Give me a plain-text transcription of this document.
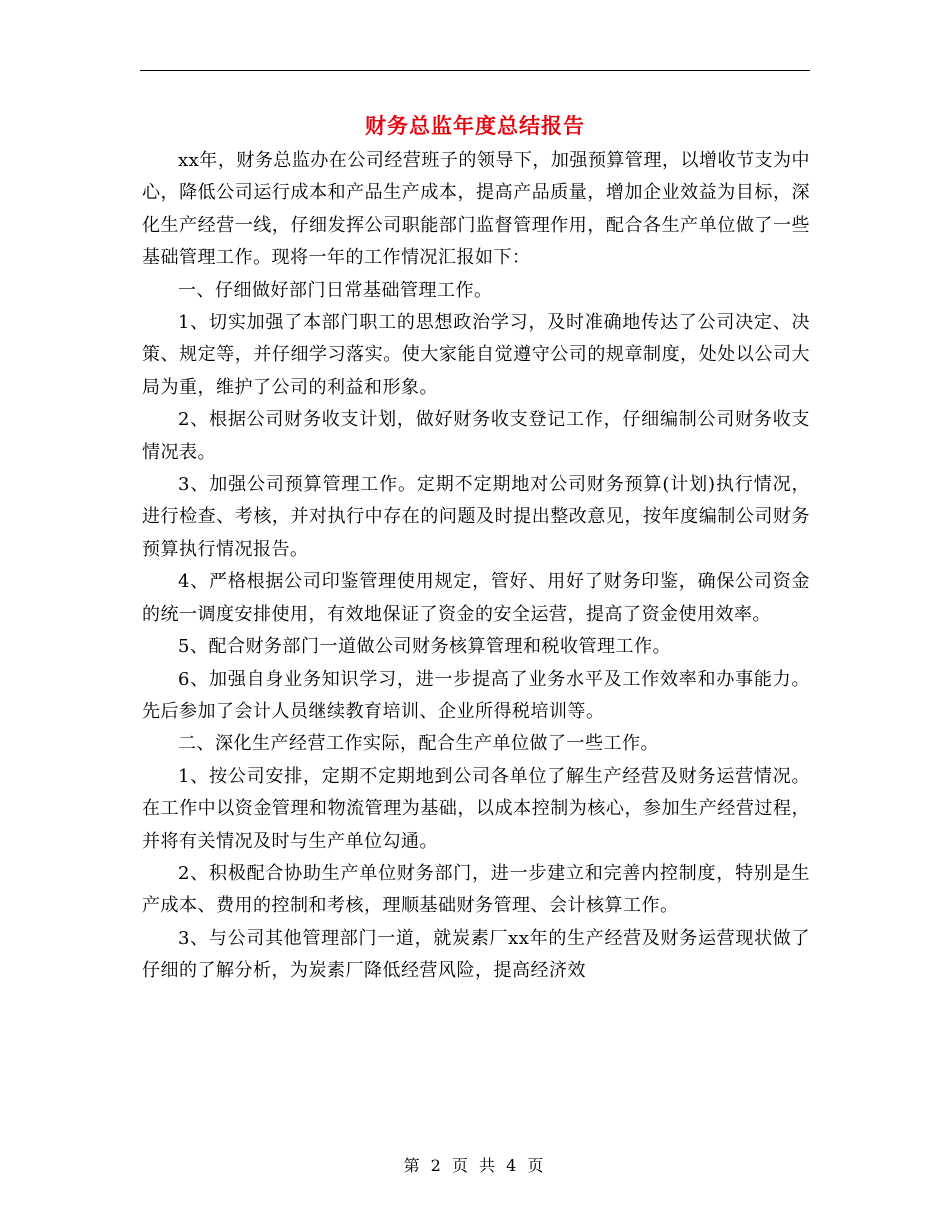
财务总监年度总结报告

xx年，财务总监办在公司经营班子的领导下，加强预算管理，以增收节支为中心，降低公司运行成本和产品生产成本，提高产品质量，增加企业效益为目标，深化生产经营一线，仔细发挥公司职能部门监督管理作用，配合各生产单位做了一些基础管理工作。现将一年的工作情况汇报如下：

一、仔细做好部门日常基础管理工作。

1、切实加强了本部门职工的思想政治学习，及时准确地传达了公司决定、决策、规定等，并仔细学习落实。使大家能自觉遵守公司的规章制度，处处以公司大局为重，维护了公司的利益和形象。

2、根据公司财务收支计划，做好财务收支登记工作，仔细编制公司财务收支情况表。

3、加强公司预算管理工作。定期不定期地对公司财务预算(计划)执行情况，进行检查、考核，并对执行中存在的问题及时提出整改意见，按年度编制公司财务预算执行情况报告。

4、严格根据公司印鉴管理使用规定，管好、用好了财务印鉴，确保公司资金的统一调度安排使用，有效地保证了资金的安全运营，提高了资金使用效率。

5、配合财务部门一道做公司财务核算管理和税收管理工作。

6、加强自身业务知识学习，进一步提高了业务水平及工作效率和办事能力。先后参加了会计人员继续教育培训、企业所得税培训等。

二、深化生产经营工作实际，配合生产单位做了一些工作。

1、按公司安排，定期不定期地到公司各单位了解生产经营及财务运营情况。在工作中以资金管理和物流管理为基础，以成本控制为核心，参加生产经营过程，并将有关情况及时与生产单位勾通。

2、积极配合协助生产单位财务部门，进一步建立和完善内控制度，特别是生产成本、费用的控制和考核，理顺基础财务管理、会计核算工作。

3、与公司其他管理部门一道，就炭素厂xx年的生产经营及财务运营现状做了仔细的了解分析，为炭素厂降低经营风险，提高经济效

第 2 页 共 4 页
